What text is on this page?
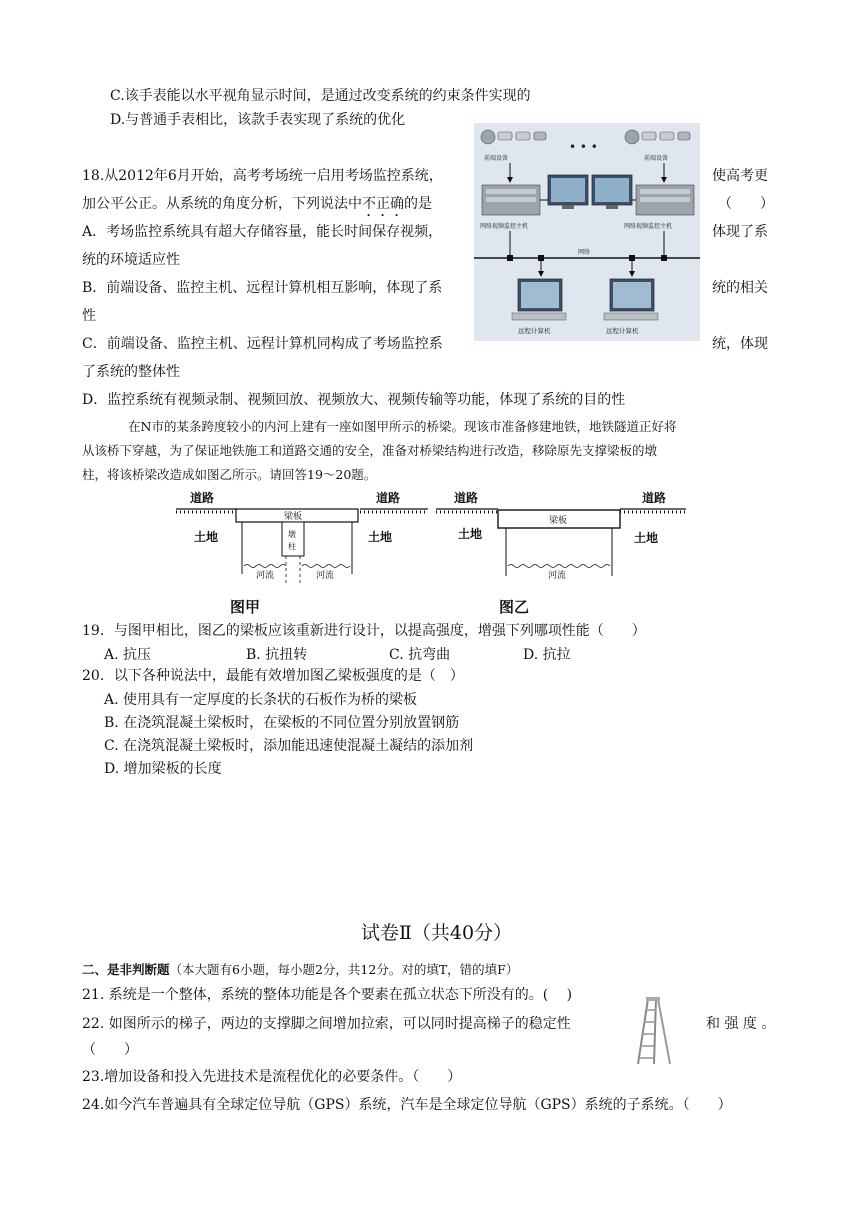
C.该手表能以水平视角显示时间，是通过改变系统的约束条件实现的
D.与普通手表相比，该款手表实现了系统的优化
18.从2012年6月开始，高考考场统一启用考场监控系统，	使高考更
加公平公正。从系统的角度分析，下列说法中不正确的是	（　　）
A．考场监控系统具有超大存储容量，能长时间保存视频，	体现了系
统的环境适应性
B．前端设备、监控主机、远程计算机相互影响，体现了系	统的相关
性
C．前端设备、监控主机、远程计算机同构成了考场监控系	统，体现
了系统的整体性
D．监控系统有视频录制、视频回放、视频放大、视频传输等功能，体现了系统的目的性
前端设备
• • •
前端设备
网络视频监控主机	网络视频监控主机
网络
远程计算机	远程计算机
在N市的某条跨度较小的内河上建有一座如图甲所示的桥梁。现该市准备修建地铁，地铁隧道正好将
从该桥下穿越，为了保证地铁施工和道路交通的安全，准备对桥梁结构进行改造，移除原先支撑梁板的墩
柱，将该桥梁改造成如图乙所示。请回答19～20题。
道路	道路
梁板
墩
柱
土地	土地
河流	河流
道路	道路
梁板
土地	土地
河流
图甲	图乙
19．与图甲相比，图乙的梁板应该重新进行设计，以提高强度，增强下列哪项性能（　　）
A. 抗压	B. 抗扭转	C. 抗弯曲	D. 抗拉
20．以下各种说法中，最能有效增加图乙梁板强度的是（　）
A. 使用具有一定厚度的长条状的石板作为桥的梁板
B. 在浇筑混凝土梁板时，在梁板的不同位置分别放置钢筋
C. 在浇筑混凝土梁板时，添加能迅速使混凝土凝结的添加剂
D. 增加梁板的长度
试卷Ⅱ（共40分）
二、是非判断题（本大题有6小题，每小题2分，共12分。对的填T，错的填F）
21. 系统是一个整体，系统的整体功能是各个要素在孤立状态下所没有的。(　 )
22. 如图所示的梯子，两边的支撑脚之间增加拉索，可以同时提高梯子的稳定性	和 强 度 。
（　　）
23.增加设备和投入先进技术是流程优化的必要条件。（　　）
24.如今汽车普遍具有全球定位导航（GPS）系统，汽车是全球定位导航（GPS）系统的子系统。（　　）
